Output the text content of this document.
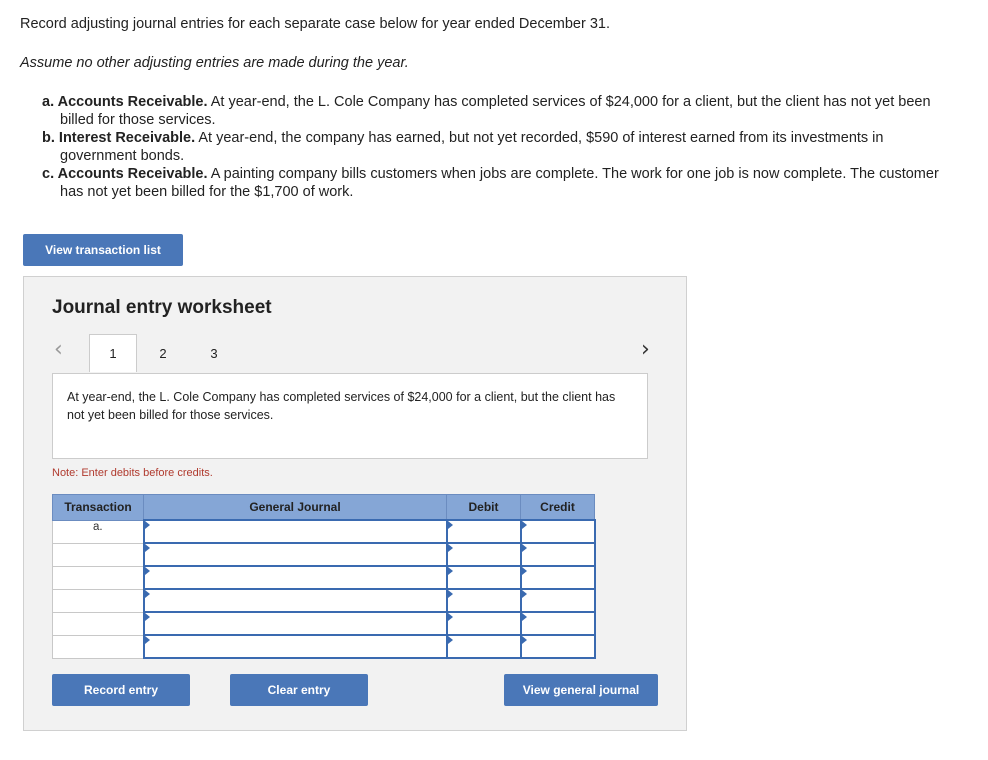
Record adjusting journal entries for each separate case below for year ended December 31.
Assume no other adjusting entries are made during the year.
a. Accounts Receivable. At year-end, the L. Cole Company has completed services of $24,000 for a client, but the client has not yet been billed for those services.
b. Interest Receivable. At year-end, the company has earned, but not yet recorded, $590 of interest earned from its investments in government bonds.
c. Accounts Receivable. A painting company bills customers when jobs are complete. The work for one job is now complete. The customer has not yet been billed for the $1,700 of work.
View transaction list
Journal entry worksheet
‹	1	2	3	›
At year-end, the L. Cole Company has completed services of $24,000 for a client, but the client has not yet been billed for those services.
Note: Enter debits before credits.
Transaction	General Journal	Debit	Credit
a.	

Record entry	Clear entry	View general journal
